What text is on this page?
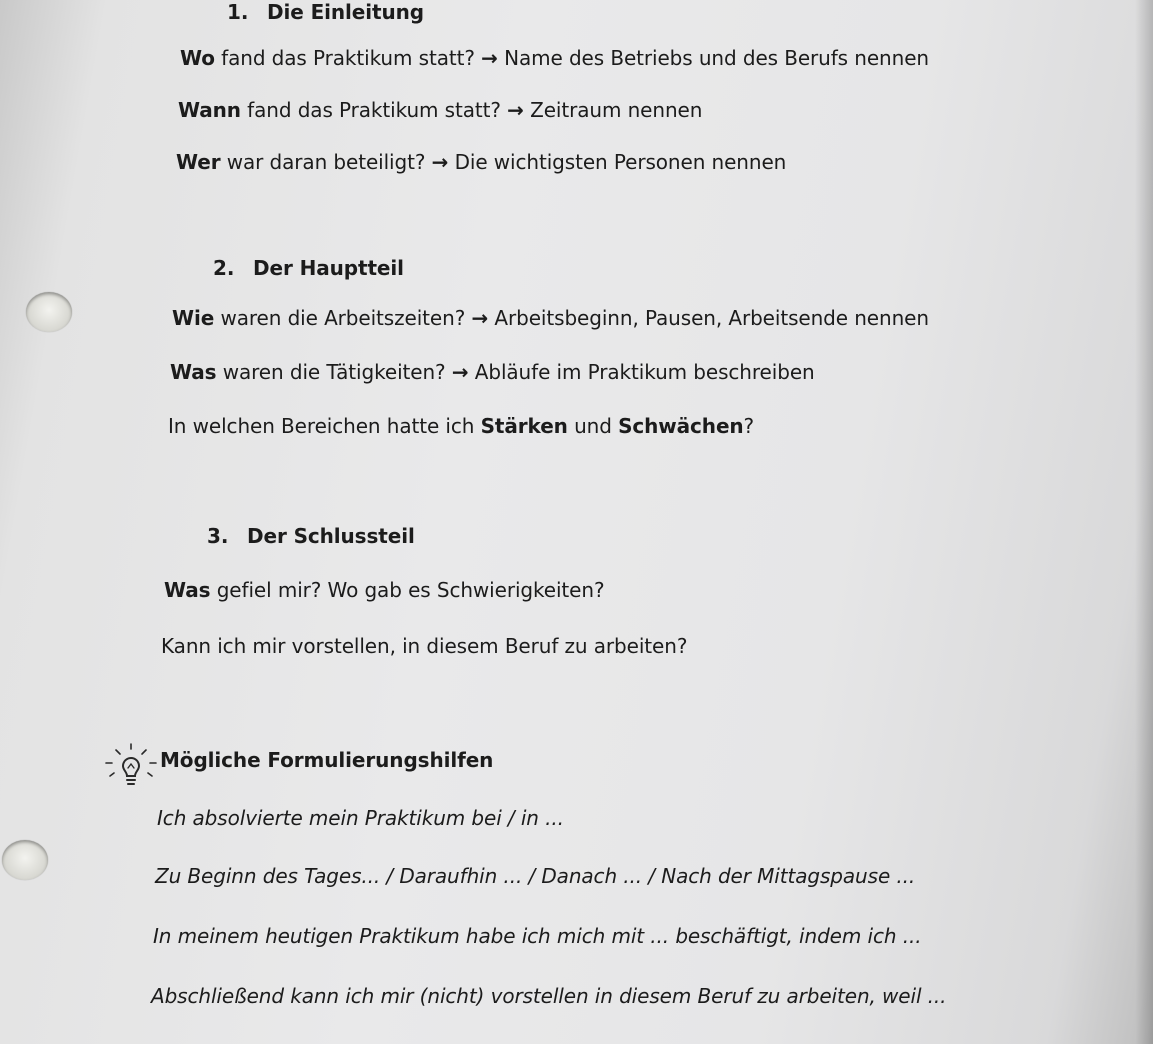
1. Die Einleitung
Wo fand das Praktikum statt? → Name des Betriebs und des Berufs nennen
Wann fand das Praktikum statt? → Zeitraum nennen
Wer war daran beteiligt? → Die wichtigsten Personen nennen
2. Der Hauptteil
Wie waren die Arbeitszeiten? → Arbeitsbeginn, Pausen, Arbeitsende nennen
Was waren die Tätigkeiten? → Abläufe im Praktikum beschreiben
In welchen Bereichen hatte ich Stärken und Schwächen?
3. Der Schlussteil
Was gefiel mir? Wo gab es Schwierigkeiten?
Kann ich mir vorstellen, in diesem Beruf zu arbeiten?
Mögliche Formulierungshilfen
Ich absolvierte mein Praktikum bei / in ...
Zu Beginn des Tages... / Daraufhin ... / Danach ... / Nach der Mittagspause ...
In meinem heutigen Praktikum habe ich mich mit ... beschäftigt, indem ich ...
Abschließend kann ich mir (nicht) vorstellen in diesem Beruf zu arbeiten, weil ...
